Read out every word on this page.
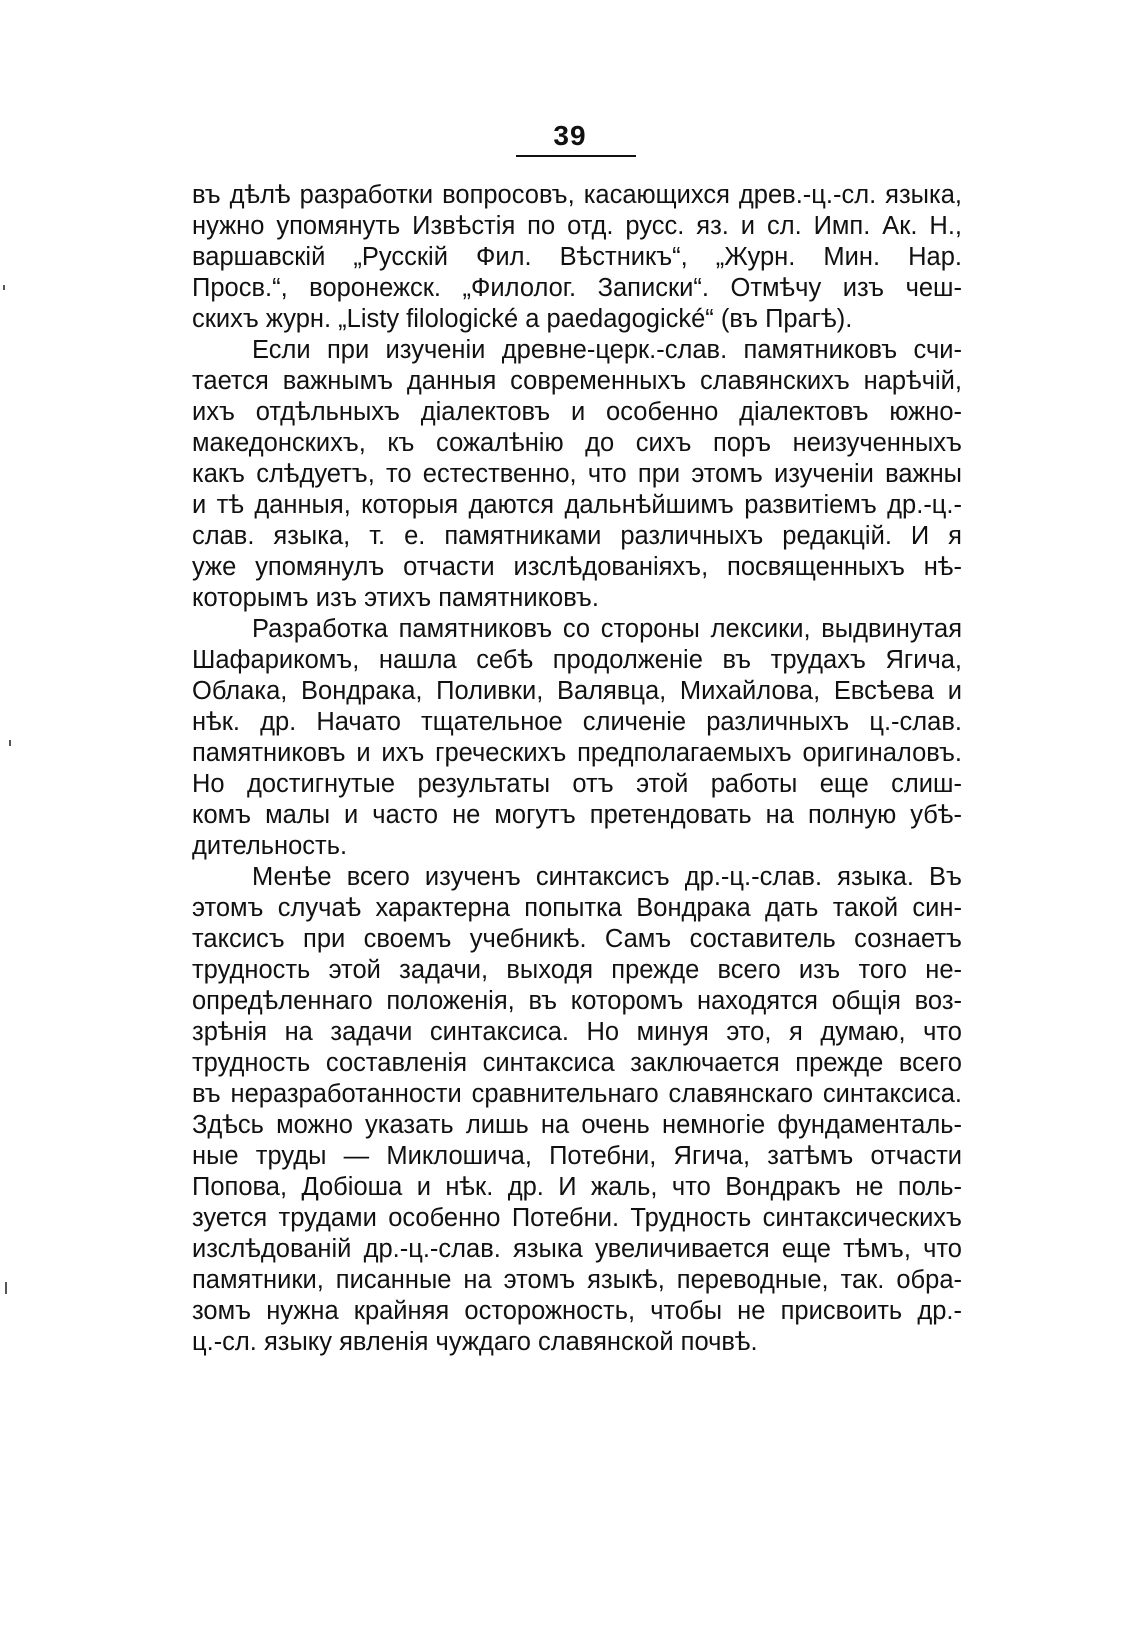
39
въ дѣлѣ разработки вопросовъ, касающихся древ.-ц.-сл. языка,
нужно упомянуть Извѣстія по отд. русс. яз. и сл. Имп. Ак. Н.,
варшавскій „Русскій Фил. Вѣстникъ“, „Журн. Мин. Нар.
Просв.“, воронежск. „Филолог. Записки“. Отмѣчу изъ чеш-
скихъ журн. „Listy filologické a paedagogické“ (въ Прагѣ).
Если при изученіи древне-церк.-слав. памятниковъ счи-
тается важнымъ данныя современныхъ славянскихъ нарѣчій,
ихъ отдѣльныхъ діалектовъ и особенно діалектовъ южно-
македонскихъ, къ сожалѣнію до сихъ поръ неизученныхъ
какъ слѣдуетъ, то естественно, что при этомъ изученіи важны
и тѣ данныя, которыя даются дальнѣйшимъ развитіемъ др.-ц.-
слав. языка, т. е. памятниками различныхъ редакцій. И я
уже упомянулъ отчасти изслѣдованіяхъ, посвященныхъ нѣ-
которымъ изъ этихъ памятниковъ.
Разработка памятниковъ со стороны лексики, выдвинутая
Шафарикомъ, нашла себѣ продолженіе въ трудахъ Ягича,
Облака, Вондрака, Поливки, Валявца, Михайлова, Евсѣева и
нѣк. др. Начато тщательное сличеніе различныхъ ц.-слав.
памятниковъ и ихъ греческихъ предполагаемыхъ оригиналовъ.
Но достигнутые результаты отъ этой работы еще слиш-
комъ малы и часто не могутъ претендовать на полную убѣ-
дительность.
Менѣе всего изученъ синтаксисъ др.-ц.-слав. языка. Въ
этомъ случаѣ характерна попытка Вондрака дать такой син-
таксисъ при своемъ учебникѣ. Самъ составитель сознаетъ
трудность этой задачи, выходя прежде всего изъ того не-
опредѣленнаго положенія, въ которомъ находятся общія воз-
зрѣнія на задачи синтаксиса. Но минуя это, я думаю, что
трудность составленія синтаксиса заключается прежде всего
въ неразработанности сравнительнаго славянскаго синтаксиса.
Здѣсь можно указать лишь на очень немногіе фундаменталь-
ные труды — Миклошича, Потебни, Ягича, затѣмъ отчасти
Попова, Добіоша и нѣк. др. И жаль, что Вондракъ не поль-
зуется трудами особенно Потебни. Трудность синтаксическихъ
изслѣдованій др.-ц.-слав. языка увеличивается еще тѣмъ, что
памятники, писанные на этомъ языкѣ, переводные, так. обра-
зомъ нужна крайняя осторожность, чтобы не присвоить др.-
ц.-сл. языку явленія чуждаго славянской почвѣ.
